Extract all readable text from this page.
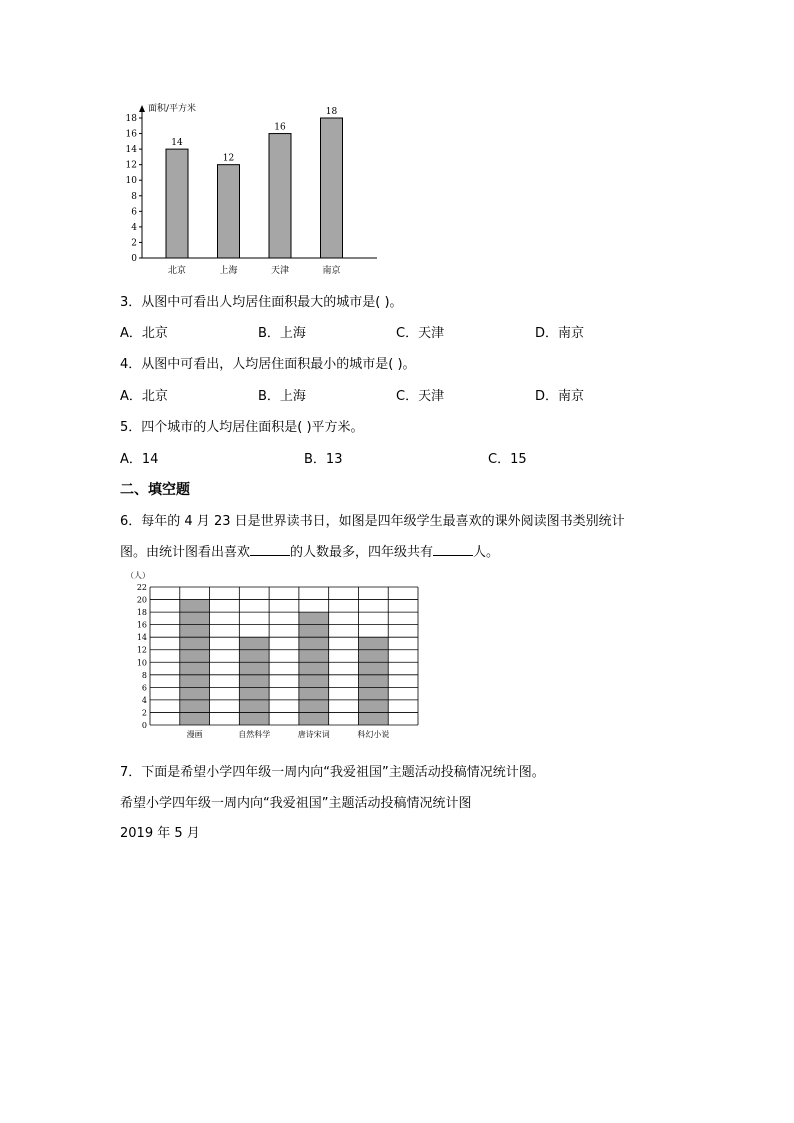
0
2
4
6
8
10
12
14
16
18
14
12
16
18
北京	上海	天津	南京
面积/平方米
3．从图中可看出人均居住面积最大的城市是( )。
A．北京	B．上海	C．天津	D．南京
4．从图中可看出，人均居住面积最小的城市是( )。
A．北京	B．上海	C．天津	D．南京
5．四个城市的人均居住面积是( )平方米。
A．14	B．13	C．15
二、填空题
6．每年的 4 月 23 日是世界读书日，如图是四年级学生最喜欢的课外阅读图书类别统计
图。由统计图看出喜欢	的人数最多，四年级共有	人。
0
2
4
6
8
10
12
14
16
18
20
22
漫画	自然科学	唐诗宋词	科幻小说
（人）
7．下面是希望小学四年级一周内向“我爱祖国”主题活动投稿情况统计图。
希望小学四年级一周内向“我爱祖国”主题活动投稿情况统计图
2019 年 5 月
